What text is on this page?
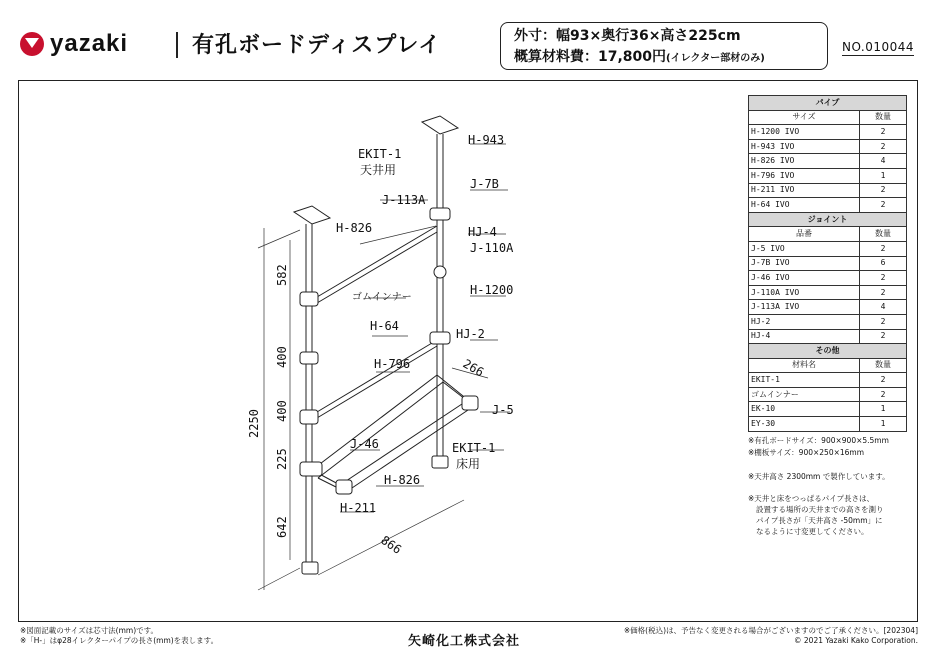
yazaki	有孔ボードディスプレイ	外寸：幅93×奥行36×高さ225cm
概算材料費：17,800円(イレクター部材のみ)
NO.010044
EKIT-1
天井用
H-943
J-113A
J-7B
H-826	HJ-4
J-110A
ゴムインナー
H-1200
H-64
HJ-2
H-796
J-5
J-46	EKIT-1
床用
H-826
H-211
582
400
400
225
642
2250
866
266
パイプ	
サイズ	数量
H-1200 IVO	2
H-943 IVO	2
H-826 IVO	4
H-796 IVO	1
H-211 IVO	2
H-64 IVO	2
ジョイント	
品番	数量
J-5 IVO	2
J-7B IVO	6
J-46 IVO	2
J-110A IVO	2
J-113A IVO	4
HJ-2	2
HJ-4	2
その他	
材料名	数量
EKIT-1	2
ゴムインナー	2
EK-10	1
EY-30	1
※有孔ボードサイズ：900×900×5.5mm
※棚板サイズ：900×250×16mm
※天井高さ 2300mm で製作しています。
※天井と床をつっぱるパイプ長さは、
設置する場所の天井までの高さを測り
パイプ長さが「天井高さ -50mm」に
なるように寸変更してください。
※図面記載のサイズは芯寸法(mm)です。
※「H-」はφ28イレクターパイプの長さ(mm)を表します。	矢崎化工株式会社
※価格(税込)は、予告なく変更される場合がございますのでご了承ください。[202304]
© 2021 Yazaki Kako Corporation.
